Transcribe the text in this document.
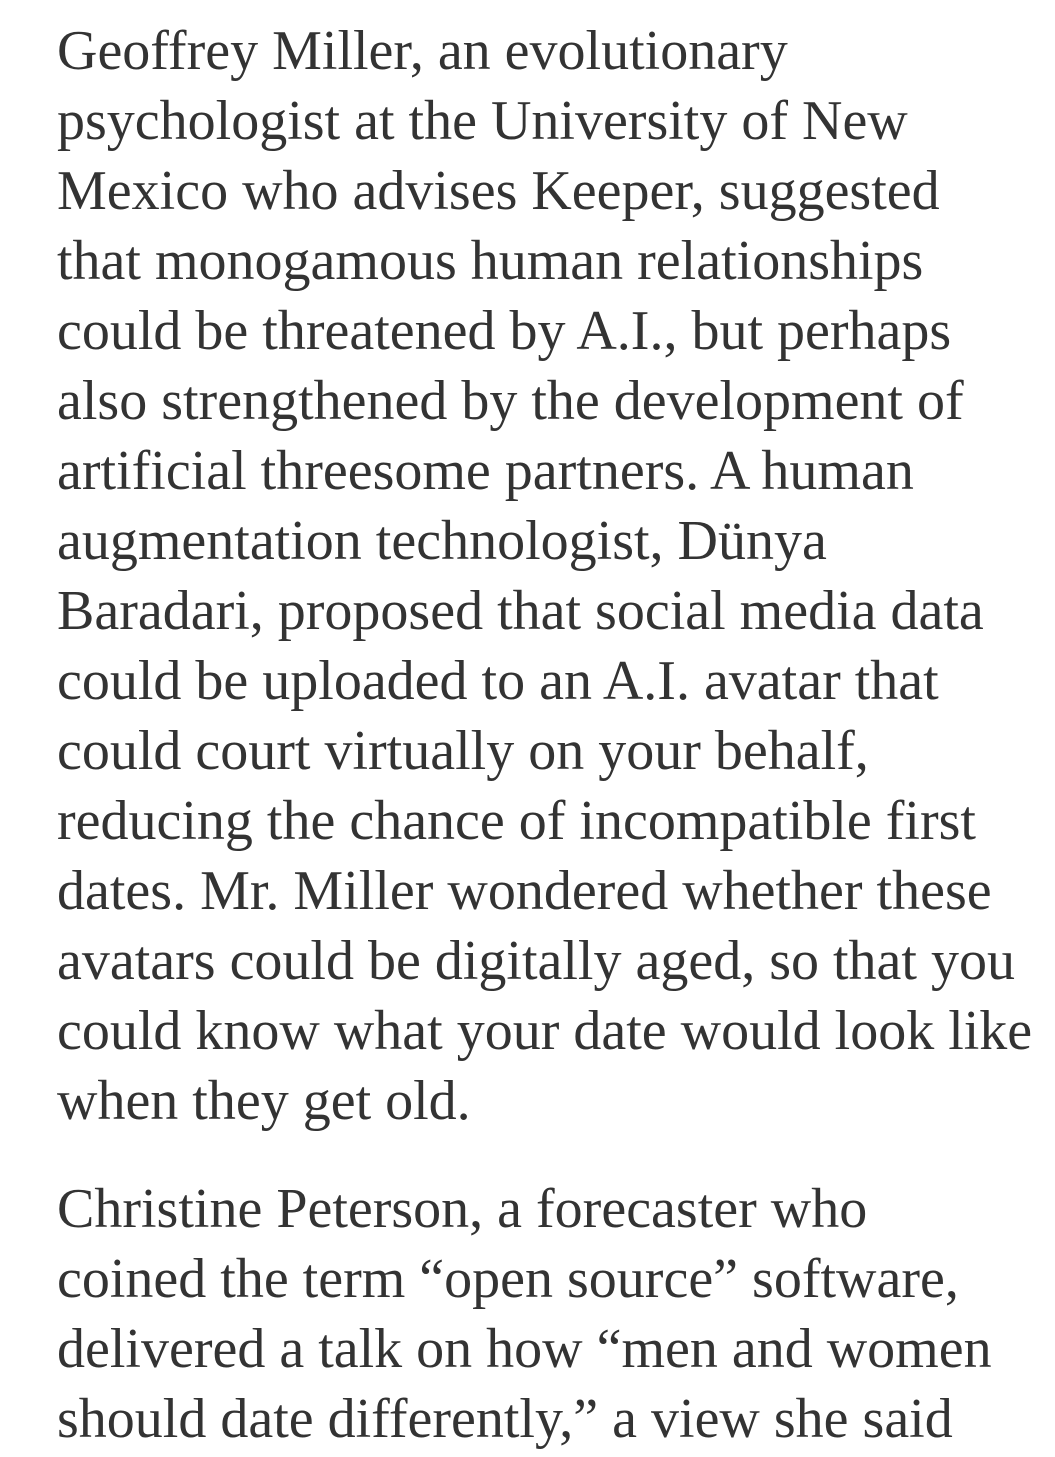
Geoffrey Miller, an evolutionary
psychologist at the University of New
Mexico who advises Keeper, suggested
that monogamous human relationships
could be threatened by A.I., but perhaps
also strengthened by the development of
artificial threesome partners. A human
augmentation technologist, Dünya
Baradari, proposed that social media data
could be uploaded to an A.I. avatar that
could court virtually on your behalf,
reducing the chance of incompatible first
dates. Mr. Miller wondered whether these
avatars could be digitally aged, so that you
could know what your date would look like
when they get old.
Christine Peterson, a forecaster who
coined the term “open source” software,
delivered a talk on how “men and women
should date differently,” a view she said
